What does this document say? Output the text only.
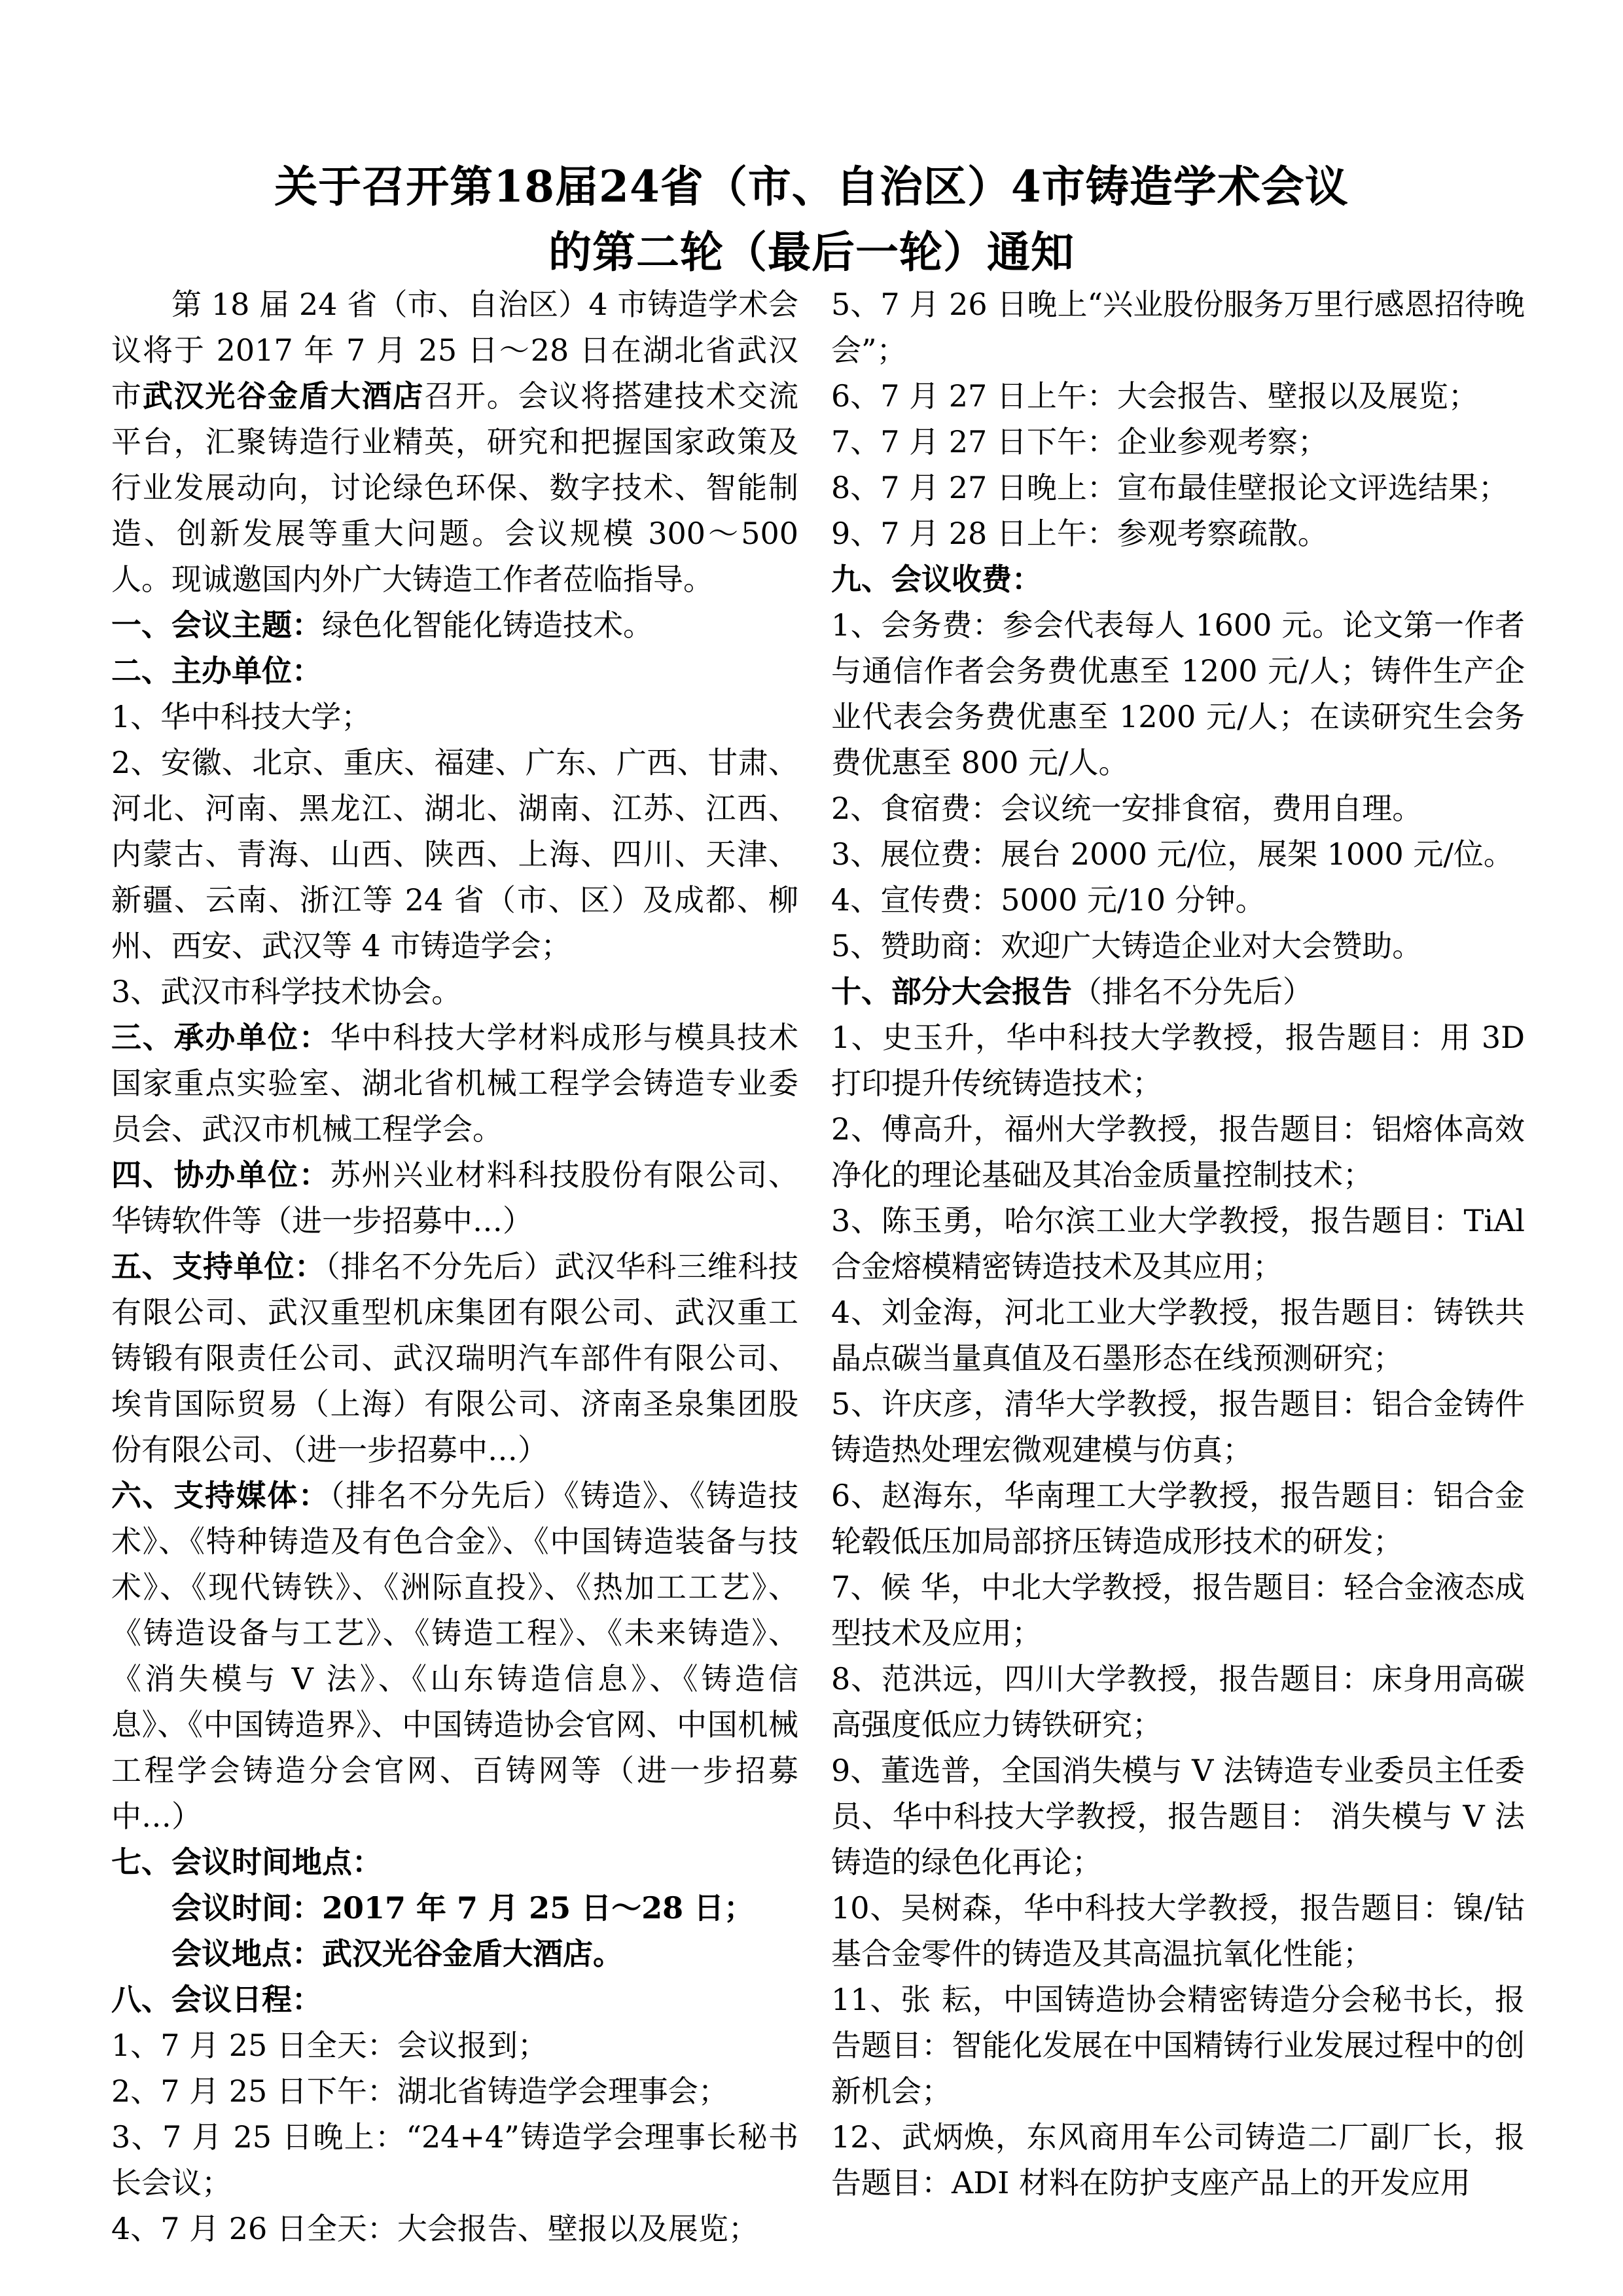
关于召开第18届24省（市、自治区）4市铸造学术会议
的第二轮（最后一轮）通知

第 18 届 24 省（市、自治区）4 市铸造学术会议将于 2017 年 7 月 25 日～28 日在湖北省武汉市武汉光谷金盾大酒店召开。会议将搭建技术交流平台，汇聚铸造行业精英，研究和把握国家政策及行业发展动向，讨论绿色环保、数字技术、智能制造、创新发展等重大问题。会议规模 300～500 人。现诚邀国内外广大铸造工作者莅临指导。

一、会议主题：绿色化智能化铸造技术。

二、主办单位：

1、华中科技大学；

2、安徽、北京、重庆、福建、广东、广西、甘肃、河北、河南、黑龙江、湖北、湖南、江苏、江西、内蒙古、青海、山西、陕西、上海、四川、天津、新疆、云南、浙江等 24 省（市、区）及成都、柳州、西安、武汉等 4 市铸造学会；

3、武汉市科学技术协会。

三、承办单位：华中科技大学材料成形与模具技术国家重点实验室、湖北省机械工程学会铸造专业委员会、武汉市机械工程学会。

四、协办单位：苏州兴业材料科技股份有限公司、华铸软件等（进一步招募中…）

五、支持单位：（排名不分先后）武汉华科三维科技有限公司、武汉重型机床集团有限公司、武汉重工铸锻有限责任公司、武汉瑞明汽车部件有限公司、埃肯国际贸易（上海）有限公司、济南圣泉集团股份有限公司、（进一步招募中…）

六、支持媒体：（排名不分先后）《铸造》、《铸造技术》、《特种铸造及有色合金》、《中国铸造装备与技术》、《现代铸铁》、《洲际直投》、《热加工工艺》、《铸造设备与工艺》、《铸造工程》、《未来铸造》、《消失模与 V 法》、《山东铸造信息》、《铸造信息》、《中国铸造界》、中国铸造协会官网、中国机械工程学会铸造分会官网、百铸网等（进一步招募中…）

七、会议时间地点：

会议时间：2017 年 7 月 25 日～28 日；

会议地点：武汉光谷金盾大酒店。

八、会议日程：

1、7 月 25 日全天：会议报到；

2、7 月 25 日下午：湖北省铸造学会理事会；

3、7 月 25 日晚上：“24+4”铸造学会理事长秘书长会议；

4、7 月 26 日全天：大会报告、壁报以及展览；

5、7 月 26 日晚上“兴业股份服务万里行感恩招待晚会”；

6、7 月 27 日上午：大会报告、壁报以及展览；

7、7 月 27 日下午：企业参观考察；

8、7 月 27 日晚上：宣布最佳壁报论文评选结果；

9、7 月 28 日上午：参观考察疏散。

九、会议收费：

1、会务费：参会代表每人 1600 元。论文第一作者与通信作者会务费优惠至 1200 元/人；铸件生产企业代表会务费优惠至 1200 元/人；在读研究生会务费优惠至 800 元/人。

2、食宿费：会议统一安排食宿，费用自理。

3、展位费：展台 2000 元/位，展架 1000 元/位。

4、宣传费：5000 元/10 分钟。

5、赞助商：欢迎广大铸造企业对大会赞助。

十、部分大会报告（排名不分先后）

1、史玉升，华中科技大学教授，报告题目：用 3D 打印提升传统铸造技术；

2、傅高升，福州大学教授，报告题目：铝熔体高效净化的理论基础及其冶金质量控制技术；

3、陈玉勇，哈尔滨工业大学教授，报告题目：TiAl 合金熔模精密铸造技术及其应用；

4、刘金海，河北工业大学教授，报告题目：铸铁共晶点碳当量真值及石墨形态在线预测研究；

5、许庆彦，清华大学教授，报告题目：铝合金铸件铸造热处理宏微观建模与仿真；

6、赵海东，华南理工大学教授，报告题目：铝合金轮毂低压加局部挤压铸造成形技术的研发；

7、候 华，中北大学教授，报告题目：轻合金液态成型技术及应用；

8、范洪远，四川大学教授，报告题目：床身用高碳高强度低应力铸铁研究；

9、董选普，全国消失模与 V 法铸造专业委员主任委员、华中科技大学教授，报告题目： 消失模与 V 法铸造的绿色化再论；

10、吴树森，华中科技大学教授，报告题目：镍/钴基合金零件的铸造及其高温抗氧化性能；

11、张 耘，中国铸造协会精密铸造分会秘书长，报告题目：智能化发展在中国精铸行业发展过程中的创新机会；

12、武炳焕，东风商用车公司铸造二厂副厂长，报告题目：ADI 材料在防护支座产品上的开发应用
